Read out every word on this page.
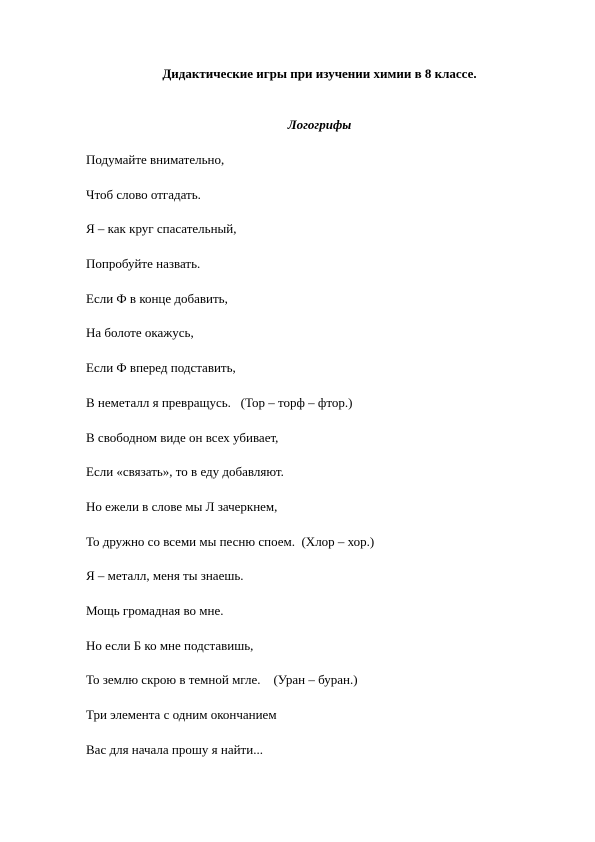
Дидактические игры при изучении химии в 8 классе.
Логогрифы
Подумайте внимательно,
Чтоб слово отгадать.
Я – как круг спасательный,
Попробуйте назвать.
Если Ф в конце добавить,
На болоте окажусь,
Если Ф вперед подставить,
В неметалл я превращусь.   (Тор – торф – фтор.)
В свободном виде он всех убивает,
Если «связать», то в еду добавляют.
Но ежели в слове мы Л зачеркнем,
То дружно со всеми мы песню споем.  (Хлор – хор.)
Я – металл, меня ты знаешь.
Мощь громадная во мне.
Но если Б ко мне подставишь,
То землю скрою в темной мгле.    (Уран – буран.)
Три элемента с одним окончанием
Вас для начала прошу я найти...
